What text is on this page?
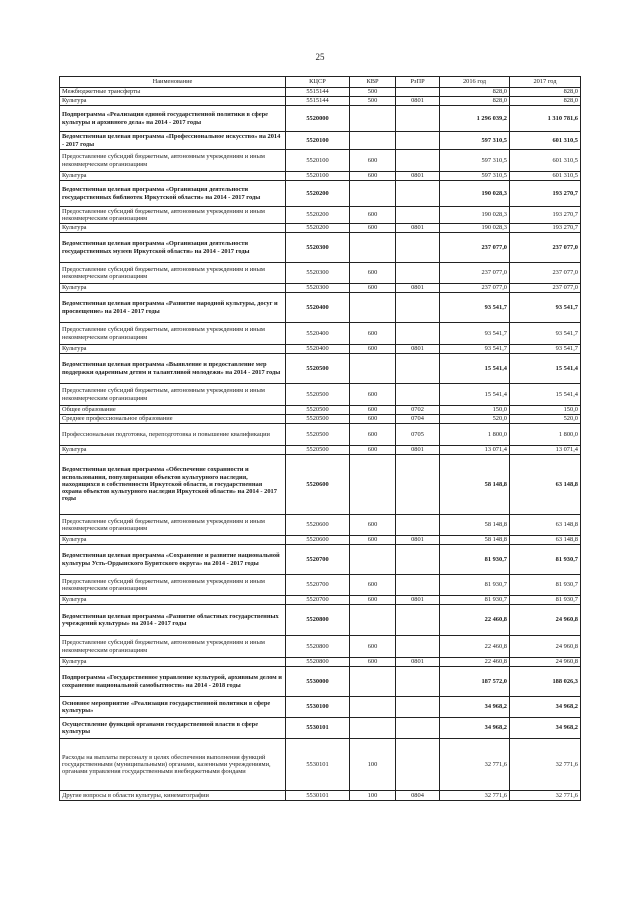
25
Наименование	КЦСР	КВР	РзПР	2016 год	2017 год
Межбюджетные трансферты	5515144	500		828,0	828,0
Культура	5515144	500	0801	828,0	828,0
Подпрограмма «Реализация единой государственной политики в сфере культуры и архивного дела» на 2014 - 2017 годы	5520000			1 296 039,2	1 310 781,6
Ведомственная целевая программа «Профессиональное искусство» на 2014 - 2017 годы	5520100			597 310,5	601 310,5
Предоставление субсидий бюджетным, автономным учреждениям и иным некоммерческим организациям	5520100	600		597 310,5	601 310,5
Культура	5520100	600	0801	597 310,5	601 310,5
Ведомственная целевая программа «Организация деятельности государственных библиотек Иркутской области» на 2014 - 2017 годы	5520200			190 028,3	193 270,7
Предоставление субсидий бюджетным, автономным учреждениям и иным некоммерческим организациям	5520200	600		190 028,3	193 270,7
Культура	5520200	600	0801	190 028,3	193 270,7
Ведомственная целевая программа «Организация деятельности государственных музеев Иркутской области» на 2014 - 2017 годы	5520300			237 077,0	237 077,0
Предоставление субсидий бюджетным, автономным учреждениям и иным некоммерческим организациям	5520300	600		237 077,0	237 077,0
Культура	5520300	600	0801	237 077,0	237 077,0
Ведомственная целевая программа «Развитие народной культуры, досуг и просвещение» на 2014 - 2017 годы	5520400			93 541,7	93 541,7
Предоставление субсидий бюджетным, автономным учреждениям и иным некоммерческим организациям	5520400	600		93 541,7	93 541,7
Культура	5520400	600	0801	93 541,7	93 541,7
Ведомственная целевая программа «Выявление и предоставление мер поддержки одаренным детям и талантливой молодежи» на 2014 - 2017 годы	5520500			15 541,4	15 541,4
Предоставление субсидий бюджетным, автономным учреждениям и иным некоммерческим организациям	5520500	600		15 541,4	15 541,4
Общее образование	5520500	600	0702	150,0	150,0
Среднее профессиональное образование	5520500	600	0704	520,0	520,0
Профессиональная подготовка, переподготовка и повышение квалификации	5520500	600	0705	1 800,0	1 800,0
Культура	5520500	600	0801	13 071,4	13 071,4
Ведомственная целевая программа «Обеспечение сохранности и использования, популяризация объектов культурного наследия, находящихся в собственности Иркутской области, и государственная охрана объектов культурного наследия Иркутской области» на 2014 - 2017 годы	5520600			58 148,8	63 148,8
Предоставление субсидий бюджетным, автономным учреждениям и иным некоммерческим организациям	5520600	600		58 148,8	63 148,8
Культура	5520600	600	0801	58 148,8	63 148,8
Ведомственная целевая программа «Сохранение и развитие национальной культуры Усть-Ордынского Бурятского округа» на 2014 - 2017 годы	5520700			81 930,7	81 930,7
Предоставление субсидий бюджетным, автономным учреждениям и иным некоммерческим организациям	5520700	600		81 930,7	81 930,7
Культура	5520700	600	0801	81 930,7	81 930,7
Ведомственная целевая программа «Развитие областных государственных учреждений культуры» на 2014 - 2017 годы	5520800			22 460,8	24 960,8
Предоставление субсидий бюджетным, автономным учреждениям и иным некоммерческим организациям	5520800	600		22 460,8	24 960,8
Культура	5520800	600	0801	22 460,8	24 960,8
Подпрограмма «Государственное управление культурой, архивным делом и сохранение национальной самобытности» на 2014 - 2018 годы	5530000			187 572,0	188 026,3
Основное мероприятие «Реализация государственной политики в сфере культуры»	5530100			34 968,2	34 968,2
Осуществление функций органами государственной власти в сфере культуры	5530101			34 968,2	34 968,2
Расходы на выплаты персоналу в целях обеспечения выполнения функций государственными (муниципальными) органами, казенными учреждениями, органами управления государственными внебюджетными фондами	5530101	100		32 771,6	32 771,6
Другие вопросы в области культуры, кинематографии	5530101	100	0804	32 771,6	32 771,6
